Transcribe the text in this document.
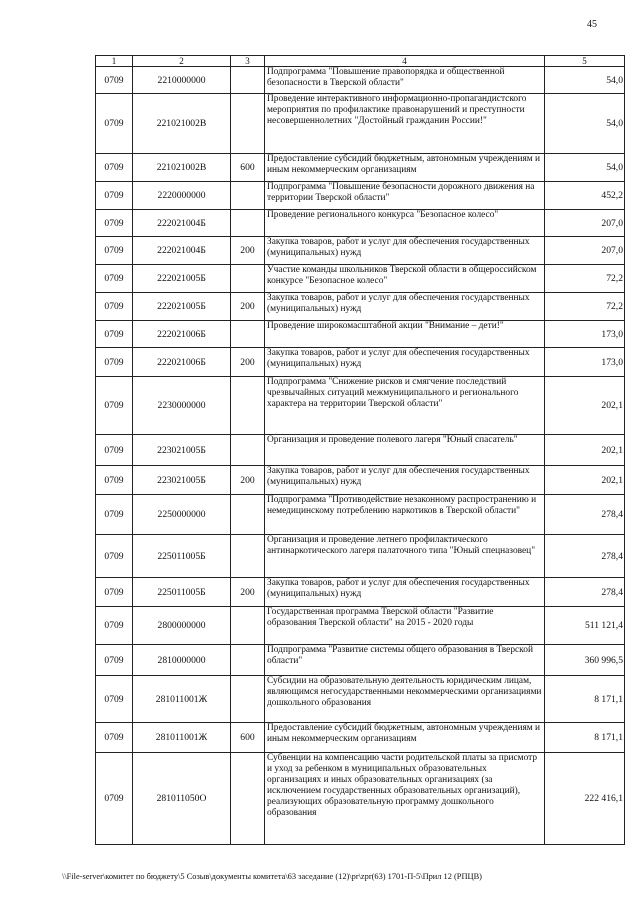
45
1	2	3	4	5
0709	2210000000		Подпрограмма "Повышение правопорядка и общественной безопасности в Тверской области"	54,0
0709	221021002В		Проведение интерактивного информационно-пропагандистского мероприятия по профилактике правонарушений и преступности несовершеннолетних "Достойный гражданин России!"	54,0
0709	221021002В	600	Предоставление субсидий бюджетным, автономным учреждениям и иным некоммерческим организациям	54,0
0709	2220000000		Подпрограмма "Повышение безопасности дорожного движения на территории Тверской области"	452,2
0709	222021004Б		Проведение регионального конкурса "Безопасное колесо"	207,0
0709	222021004Б	200	Закупка товаров, работ и услуг для обеспечения государственных (муниципальных) нужд	207,0
0709	222021005Б		Участие команды школьников Тверской области в общероссийском конкурсе "Безопасное колесо"	72,2
0709	222021005Б	200	Закупка товаров, работ и услуг для обеспечения государственных (муниципальных) нужд	72,2
0709	222021006Б		Проведение широкомасштабной акции "Внимание – дети!"	173,0
0709	222021006Б	200	Закупка товаров, работ и услуг для обеспечения государственных (муниципальных) нужд	173,0
0709	2230000000		Подпрограмма "Снижение рисков и смягчение последствий чрезвычайных ситуаций межмуниципального и регионального характера на территории Тверской области"	202,1
0709	223021005Б		Организация и проведение полевого лагеря "Юный спасатель"	202,1
0709	223021005Б	200	Закупка товаров, работ и услуг для обеспечения государственных (муниципальных) нужд	202,1
0709	2250000000		Подпрограмма "Противодействие незаконному распространению и немедицинскому потреблению наркотиков в Тверской области"	278,4
0709	225011005Б		Организация и проведение летнего профилактического антинаркотического лагеря палаточного типа "Юный спецназовец"	278,4
0709	225011005Б	200	Закупка товаров, работ и услуг для обеспечения государственных (муниципальных) нужд	278,4
0709	2800000000		Государственная программа Тверской области "Развитие образования Тверской области" на 2015 - 2020 годы	511 121,4
0709	2810000000		Подпрограмма "Развитие системы общего образования в Тверской области"	360 996,5
0709	281011001Ж		Субсидии на образовательную деятельность юридическим лицам, являющимся негосударственными некоммерческими организациями дошкольного образования	8 171,1
0709	281011001Ж	600	Предоставление субсидий бюджетным, автономным учреждениям и иным некоммерческим организациям	8 171,1
0709	281011050О		Субвенции на компенсацию части родительской платы за присмотр и уход за ребенком в муниципальных образовательных организациях и иных образовательных организациях (за исключением государственных образовательных организаций), реализующих образовательную программу дошкольного образования	222 416,1
\\File-server\комитет по бюджету\5 Созыв\документы комитета\63 заседание (12)\pr\zpr(63) 1701-П-5\Прил 12 (РПЦВ)
